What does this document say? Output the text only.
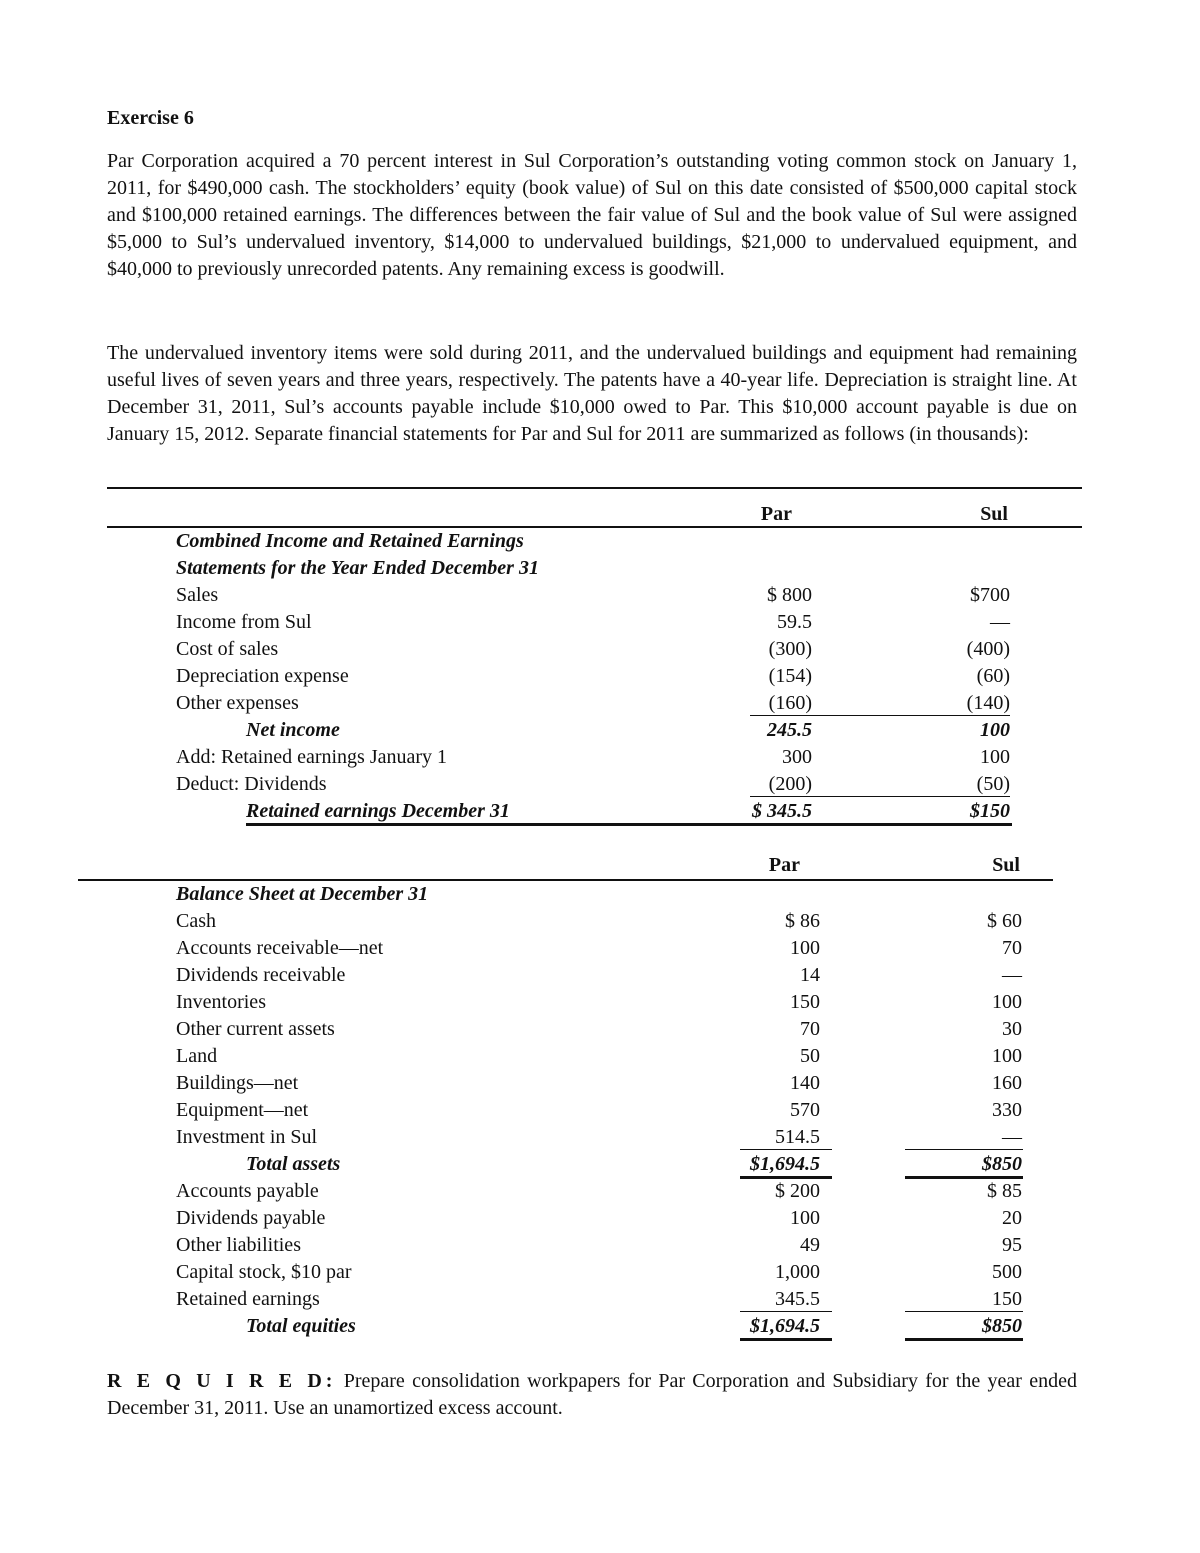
Exercise 6
Par Corporation acquired a 70 percent interest in Sul Corporation’s outstanding voting common stock on January 1, 2011, for $490,000 cash. The stockholders’ equity (book value) of Sul on this date consisted of $500,000 capital stock and $100,000 retained earnings. The differences between the fair value of Sul and the book value of Sul were assigned $5,000 to Sul’s undervalued inventory, $14,000 to undervalued buildings, $21,000 to undervalued equipment, and $40,000 to previously unrecorded patents. Any remaining excess is goodwill.
The undervalued inventory items were sold during 2011, and the undervalued buildings and equipment had remaining useful lives of seven years and three years, respectively. The patents have a 40-year life. Depreciation is straight line. At December 31, 2011, Sul’s accounts payable include $10,000 owed to Par. This $10,000 account payable is due on January 15, 2012. Separate financial statements for Par and Sul for 2011 are summarized as follows (in thousands):
Par	Sul
Combined Income and Retained Earnings
Statements for the Year Ended December 31
Sales	$ 800	$700
Income from Sul	59.5	—
Cost of sales	(300)	(400)
Depreciation expense	(154)	(60)
Other expenses	(160)	(140)
Net income	245.5	100
Add: Retained earnings January 1	300	100
Deduct: Dividends	(200)	(50)
Retained earnings December 31	$ 345.5	$150
Par	Sul
Balance Sheet at December 31
Cash	$ 86	$ 60
Accounts receivable—net	100	70
Dividends receivable	14	—
Inventories	150	100
Other current assets	70	30
Land	50	100
Buildings—net	140	160
Equipment—net	570	330
Investment in Sul	514.5	—
Total assets	$1,694.5	$850
Accounts payable	$ 200	$ 85
Dividends payable	100	20
Other liabilities	49	95
Capital stock, $10 par	1,000	500
Retained earnings	345.5	150
Total equities	$1,694.5	$850
R E Q U I R E D: Prepare consolidation workpapers for Par Corporation and Subsidiary for the year ended December 31, 2011. Use an unamortized excess account.
